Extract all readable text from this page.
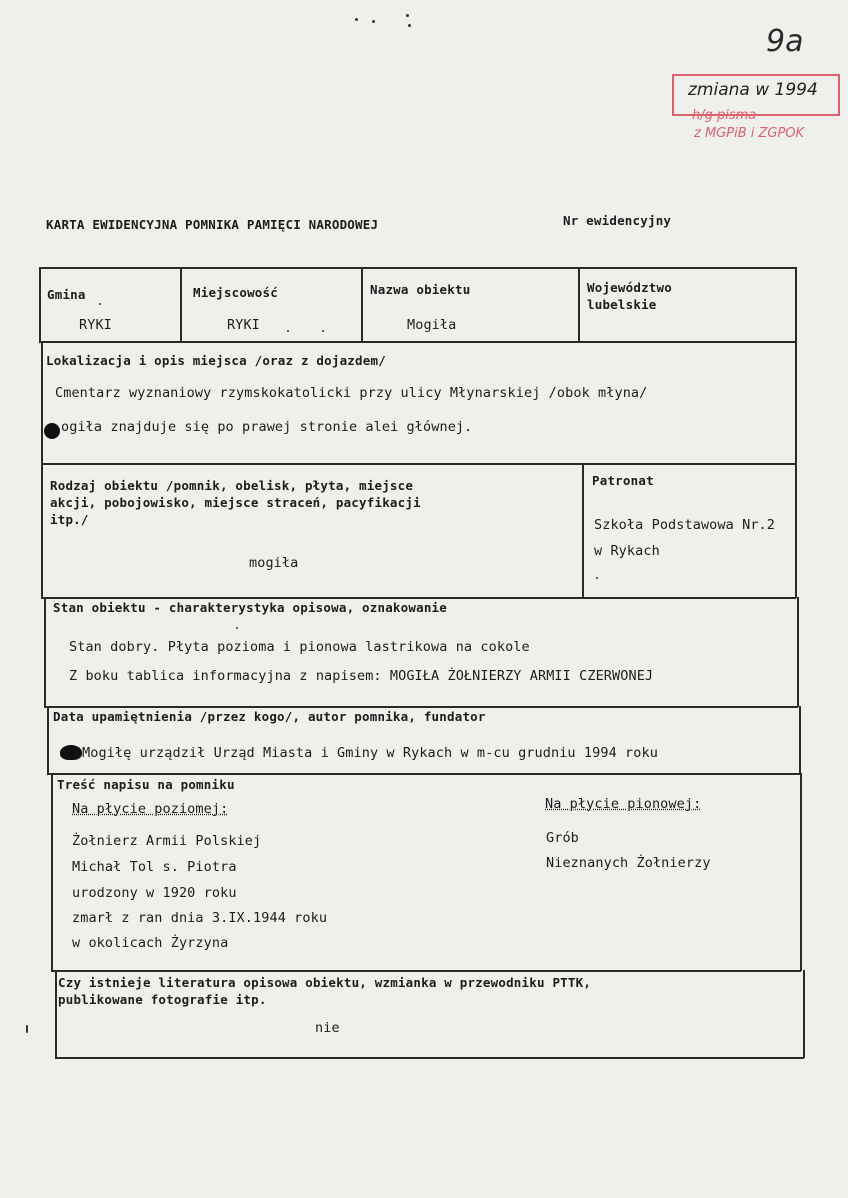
9a
zmiana w 1994
h/g pisma
z MGPiB i ZGPOK
KARTA EWIDENCYJNA POMNIKA PAMIĘCI NARODOWEJ	Nr ewidencyjny
Gmina
RYKI
Miejscowość
RYKI
Nazwa obiektu
Mogiła
Województwo
lubelskie
Lokalizacja i opis miejsca /oraz z dojazdem/
Cmentarz wyznaniowy rzymskokatolicki przy ulicy Młynarskiej /obok młyna/
ogiła znajduje się po prawej stronie alei głównej.
Rodzaj obiektu /pomnik, obelisk, płyta, miejsce
akcji, pobojowisko, miejsce straceń, pacyfikacji
itp./
mogiła
Patronat
Szkoła Podstawowa Nr.2
w Rykach
Stan obiektu - charakterystyka opisowa, oznakowanie
Stan dobry. Płyta pozioma i pionowa lastrikowa na cokole
Z boku tablica informacyjna z napisem: MOGIŁA ŻOŁNIERZY ARMII CZERWONEJ
Data upamiętnienia /przez kogo/, autor pomnika, fundator
Mogiłę urządził Urząd Miasta i Gminy w Rykach w m-cu grudniu 1994 roku
Treść napisu na pomniku
Na płycie poziomej:
Żołnierz Armii Polskiej
Michał Tol s. Piotra
urodzony w 1920 roku
zmarł z ran dnia 3.IX.1944 roku
w okolicach Żyrzyna
Na płycie pionowej:
Grób
Nieznanych Żołnierzy
Czy istnieje literatura opisowa obiektu, wzmianka w przewodniku PTTK,
publikowane fotografie itp.
nie
